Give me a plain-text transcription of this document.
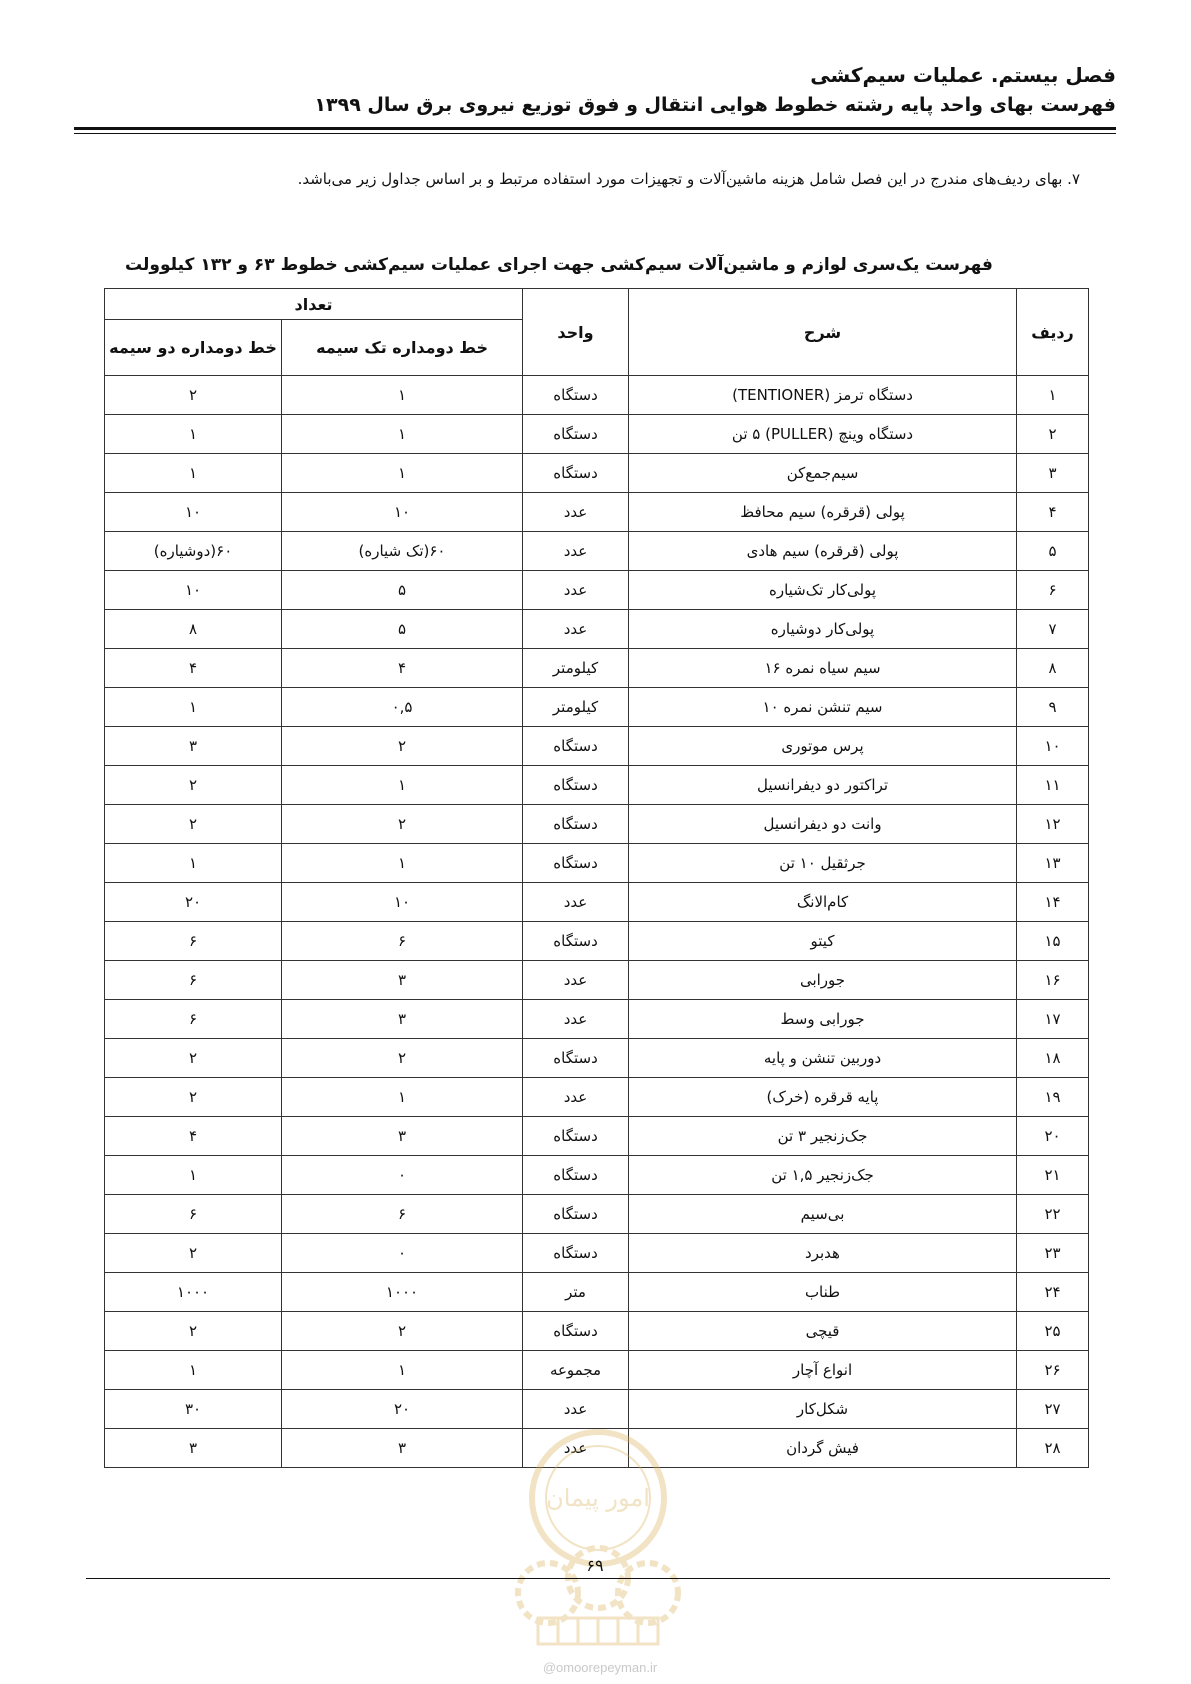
فصل بیستم. عملیات سیم‌کشی
فهرست بهای واحد پایه رشته خطوط هوایی انتقال و فوق توزیع نیروی برق سال ۱۳۹۹
۷. بهای ردیف‌های مندرج در این فصل شامل هزینه ماشین‌آلات و تجهیزات مورد استفاده مرتبط و بر اساس جداول زیر می‌باشد.
فهرست یک‌سری لوازم و ماشین‌آلات سیم‌کشی جهت اجرای عملیات سیم‌کشی خطوط ۶۳ و ۱۳۲ کیلوولت
ردیف	شرح	واحد	تعداد	
			خط دومداره تک سیمه	خط دومداره دو سیمه
۱	دستگاه ترمز (TENTIONER)	دستگاه	۱	۲
۲	دستگاه وینچ (PULLER) ۵ تن	دستگاه	۱	۱
۳	سیم‌جمع‌کن	دستگاه	۱	۱
۴	پولی (قرقره) سیم محافظ	عدد	۱۰	۱۰
۵	پولی (قرقره) سیم هادی	عدد	۶۰(تک شیاره)	۶۰(دوشیاره)
۶	پولی‌کار تک‌شیاره	عدد	۵	۱۰
۷	پولی‌کار دوشیاره	عدد	۵	۸
۸	سیم سیاه نمره ۱۶	کیلومتر	۴	۴
۹	سیم تنشن نمره ۱۰	کیلومتر	۰,۵	۱
۱۰	پرس موتوری	دستگاه	۲	۳
۱۱	تراکتور دو دیفرانسیل	دستگاه	۱	۲
۱۲	وانت دو دیفرانسیل	دستگاه	۲	۲
۱۳	جرثقیل ۱۰ تن	دستگاه	۱	۱
۱۴	کام‌الانگ	عدد	۱۰	۲۰
۱۵	کیتو	دستگاه	۶	۶
۱۶	جورابی	عدد	۳	۶
۱۷	جورابی وسط	عدد	۳	۶
۱۸	دوربین تنشن و پایه	دستگاه	۲	۲
۱۹	پایه قرقره (خرک)	عدد	۱	۲
۲۰	جک‌زنجیر ۳ تن	دستگاه	۳	۴
۲۱	جک‌زنجیر ۱,۵ تن	دستگاه	۰	۱
۲۲	بی‌سیم	دستگاه	۶	۶
۲۳	هدبرد	دستگاه	۰	۲
۲۴	طناب	متر	۱۰۰۰	۱۰۰۰
۲۵	قیچی	دستگاه	۲	۲
۲۶	انواع آچار	مجموعه	۱	۱
۲۷	شکل‌کار	عدد	۲۰	۳۰
۲۸	فیش گردان	عدد	۳	۳
امور پیمان
۶۹
@omoorepeyman.ir
